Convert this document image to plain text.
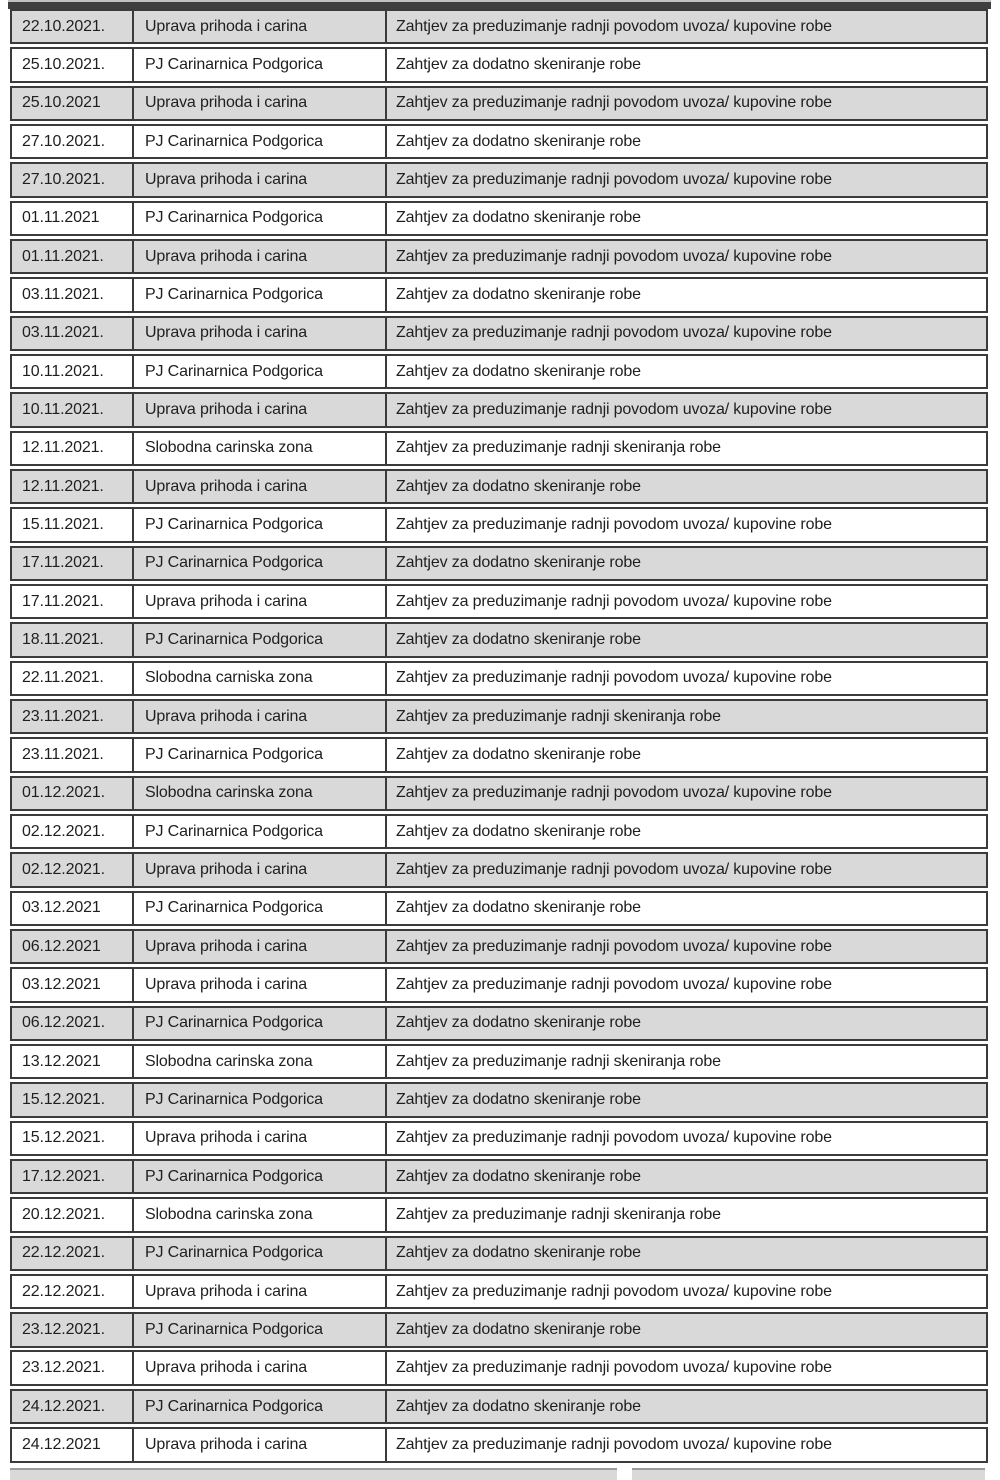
22.10.2021.	Uprava prihoda i carina	Zahtjev za preduzimanje radnji povodom uvoza/ kupovine robe
25.10.2021.	PJ Carinarnica Podgorica	Zahtjev za dodatno skeniranje robe
25.10.2021	Uprava prihoda i carina	Zahtjev za preduzimanje radnji povodom uvoza/ kupovine robe
27.10.2021.	PJ Carinarnica Podgorica	Zahtjev za dodatno skeniranje robe
27.10.2021.	Uprava prihoda i carina	Zahtjev za preduzimanje radnji povodom uvoza/ kupovine robe
01.11.2021	PJ Carinarnica Podgorica	Zahtjev za dodatno skeniranje robe
01.11.2021.	Uprava prihoda i carina	Zahtjev za preduzimanje radnji povodom uvoza/ kupovine robe
03.11.2021.	PJ Carinarnica Podgorica	Zahtjev za dodatno skeniranje robe
03.11.2021.	Uprava prihoda i carina	Zahtjev za preduzimanje radnji povodom uvoza/ kupovine robe
10.11.2021.	PJ Carinarnica Podgorica	Zahtjev za dodatno skeniranje robe
10.11.2021.	Uprava prihoda i carina	Zahtjev za preduzimanje radnji povodom uvoza/ kupovine robe
12.11.2021.	Slobodna carinska zona	Zahtjev za preduzimanje radnji skeniranja robe
12.11.2021.	Uprava prihoda i carina	Zahtjev za dodatno skeniranje robe
15.11.2021.	PJ Carinarnica Podgorica	Zahtjev za preduzimanje radnji povodom uvoza/ kupovine robe
17.11.2021.	PJ Carinarnica Podgorica	Zahtjev za dodatno skeniranje robe
17.11.2021.	Uprava prihoda i carina	Zahtjev za preduzimanje radnji povodom uvoza/ kupovine robe
18.11.2021.	PJ Carinarnica Podgorica	Zahtjev za dodatno skeniranje robe
22.11.2021.	Slobodna carniska zona	Zahtjev za preduzimanje radnji povodom uvoza/ kupovine robe
23.11.2021.	Uprava prihoda i carina	Zahtjev za preduzimanje radnji skeniranja robe
23.11.2021.	PJ Carinarnica Podgorica	Zahtjev za dodatno skeniranje robe
01.12.2021.	Slobodna carinska zona	Zahtjev za preduzimanje radnji povodom uvoza/ kupovine robe
02.12.2021.	PJ Carinarnica Podgorica	Zahtjev za dodatno skeniranje robe
02.12.2021.	Uprava prihoda i carina	Zahtjev za preduzimanje radnji povodom uvoza/ kupovine robe
03.12.2021	PJ Carinarnica Podgorica	Zahtjev za dodatno skeniranje robe
06.12.2021	Uprava prihoda i carina	Zahtjev za preduzimanje radnji povodom uvoza/ kupovine robe
03.12.2021	Uprava prihoda i carina	Zahtjev za preduzimanje radnji povodom uvoza/ kupovine robe
06.12.2021.	PJ Carinarnica Podgorica	Zahtjev za dodatno skeniranje robe
13.12.2021	Slobodna carinska zona	Zahtjev za preduzimanje radnji skeniranja robe
15.12.2021.	PJ Carinarnica Podgorica	Zahtjev za dodatno skeniranje robe
15.12.2021.	Uprava prihoda i carina	Zahtjev za preduzimanje radnji povodom uvoza/ kupovine robe
17.12.2021.	PJ Carinarnica Podgorica	Zahtjev za dodatno skeniranje robe
20.12.2021.	Slobodna carinska zona	Zahtjev za preduzimanje radnji skeniranja robe
22.12.2021.	PJ Carinarnica Podgorica	Zahtjev za dodatno skeniranje robe
22.12.2021.	Uprava prihoda i carina	Zahtjev za preduzimanje radnji povodom uvoza/ kupovine robe
23.12.2021.	PJ Carinarnica Podgorica	Zahtjev za dodatno skeniranje robe
23.12.2021.	Uprava prihoda i carina	Zahtjev za preduzimanje radnji povodom uvoza/ kupovine robe
24.12.2021.	PJ Carinarnica Podgorica	Zahtjev za dodatno skeniranje robe
24.12.2021	Uprava prihoda i carina	Zahtjev za preduzimanje radnji povodom uvoza/ kupovine robe
